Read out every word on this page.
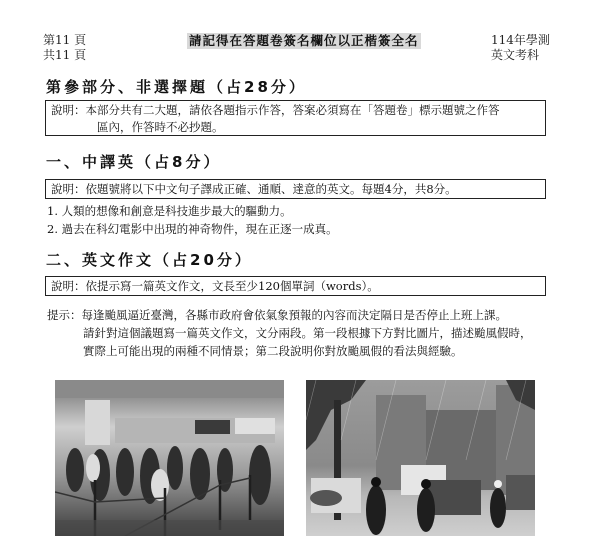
第11 頁
共11 頁
請記得在答題卷簽名欄位以正楷簽全名	114年學測
英文考科
第參部分、非選擇題（占28分）
說明：本部分共有二大題，請依各題指示作答，答案必須寫在「答題卷」標示題號之作答
區內，作答時不必抄題。
一、中譯英（占8分）
說明：依題號將以下中文句子譯成正確、通順、達意的英文。每題4分，共8分。
1. 人類的想像和創意是科技進步最大的驅動力。
2. 過去在科幻電影中出現的神奇物件，現在正逐一成真。
二、英文作文（占20分）
說明：依提示寫一篇英文作文，文長至少120個單詞（words）。
提示：每逢颱風逼近臺灣，各縣市政府會依氣象預報的內容而決定隔日是否停止上班上課。
請針對這個議題寫一篇英文作文，文分兩段。第一段根據下方對比圖片，描述颱風假時，
實際上可能出現的兩種不同情景；第二段說明你對放颱風假的看法與經驗。
